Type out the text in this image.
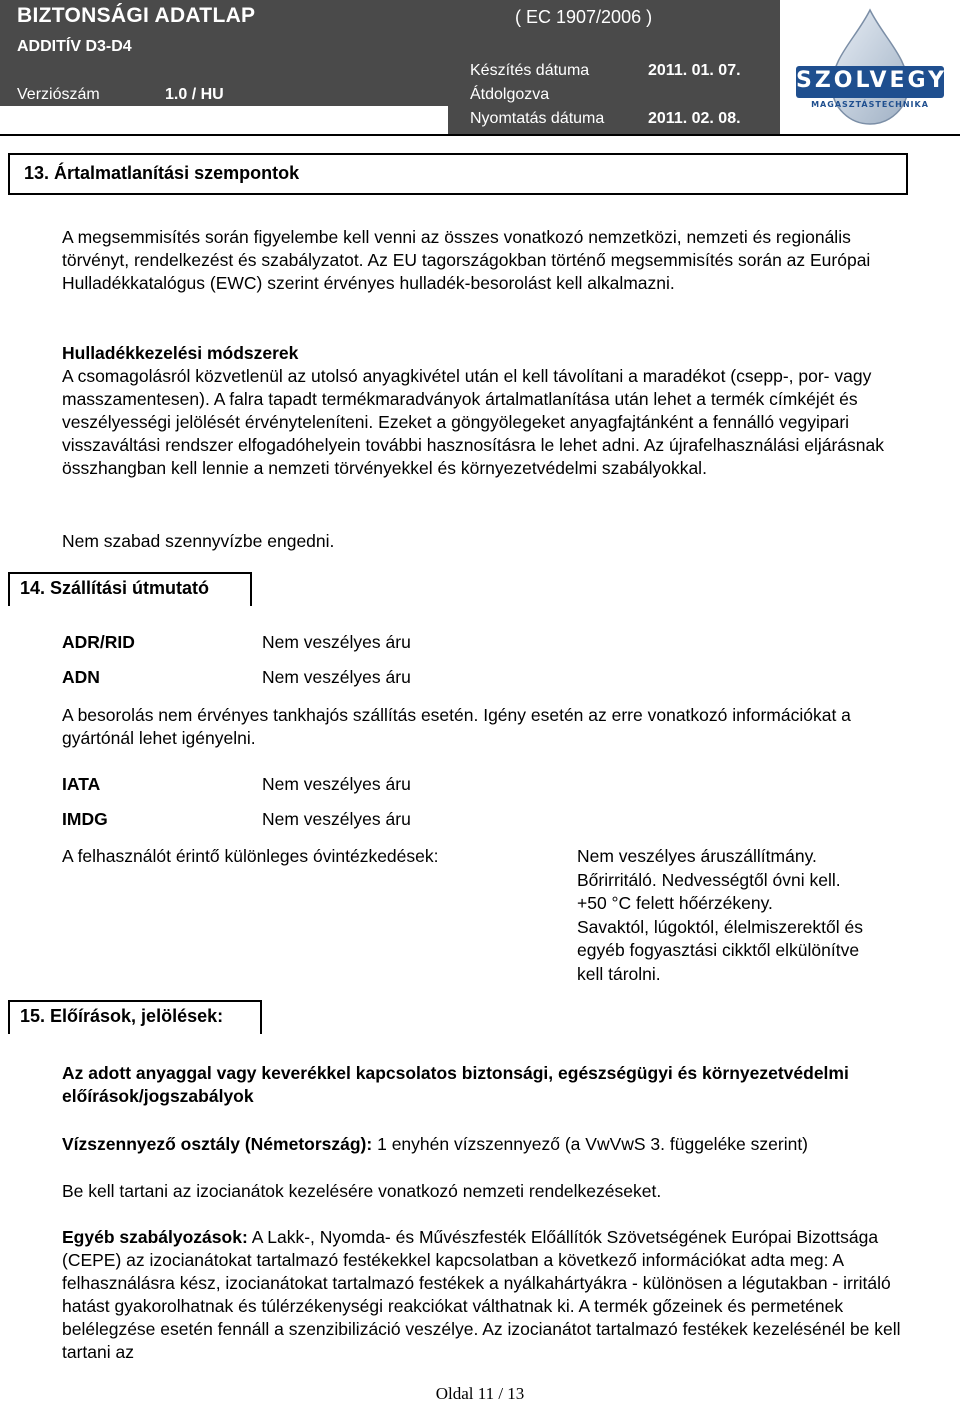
BIZTONSÁGI ADATLAP	( EC 1907/2006 )
ADDITÍV D3-D4
Verziószám	1.0 / HU
Készítés dátuma	2011. 01. 07.
Átdolgozva
Nyomtatás dátuma	2011. 02. 08.
SZOLVEGY
MAGASZTÁSTECHNIKA
13. Ártalmatlanítási szempontok
A megsemmisítés során figyelembe kell venni az összes vonatkozó nemzetközi, nemzeti és regionális törvényt, rendelkezést és szabályzatot. Az EU tagországokban történő megsemmisítés során az Európai Hulladékkatalógus (EWC) szerint érvényes hulladék-besorolást kell alkalmazni.
Hulladékkezelési módszerek
A csomagolásról közvetlenül az utolsó anyagkivétel után el kell távolítani a maradékot (csepp-, por- vagy masszamentesen). A falra tapadt termékmaradványok ártalmatlanítása után lehet a termék címkéjét és veszélyességi jelölését érvényteleníteni. Ezeket a göngyölegeket anyagfajtánként a fennálló vegyipari visszaváltási rendszer elfogadóhelyein további hasznosításra le lehet adni. Az újrafelhasználási eljárásnak összhangban kell lennie a nemzeti törvényekkel és környezetvédelmi szabályokkal.
Nem szabad szennyvízbe engedni.
14. Szállítási útmutató
ADR/RID	Nem veszélyes áru
ADN	Nem veszélyes áru
A besorolás nem érvényes tankhajós szállítás esetén. Igény esetén az erre vonatkozó információkat a gyártónál lehet igényelni.
IATA	Nem veszélyes áru
IMDG	Nem veszélyes áru
A felhasználót érintő különleges óvintézkedések:	Nem veszélyes áruszállítmány.
Bőrirritáló. Nedvességtől óvni kell.
+50 °C felett hőérzékeny.
Savaktól, lúgoktól, élelmiszerektől és
egyéb fogyasztási cikktől elkülönítve
kell tárolni.
15. Előírások, jelölések:
Az adott anyaggal vagy keverékkel kapcsolatos biztonsági, egészségügyi és környezetvédelmi előírások/jogszabályok
Vízszennyező osztály (Németország): 1 enyhén vízszennyező (a VwVwS 3. függeléke szerint)
Be kell tartani az izocianátok kezelésére vonatkozó nemzeti rendelkezéseket.
Egyéb szabályozások: A Lakk-, Nyomda- és Művészfesték Előállítók Szövetségének Európai Bizottsága (CEPE) az izocianátokat tartalmazó festékekkel kapcsolatban a következő információkat adta meg: A felhasználásra kész, izocianátokat tartalmazó festékek a nyálkahártyákra - különösen a légutakban - irritáló hatást gyakorolhatnak és túlérzékenységi reakciókat válthatnak ki. A termék gőzeinek és permetének belélegzése esetén fennáll a szenzibilizáció veszélye. Az izocianátot tartalmazó festékek kezelésénél be kell tartani az
Oldal 11 / 13
